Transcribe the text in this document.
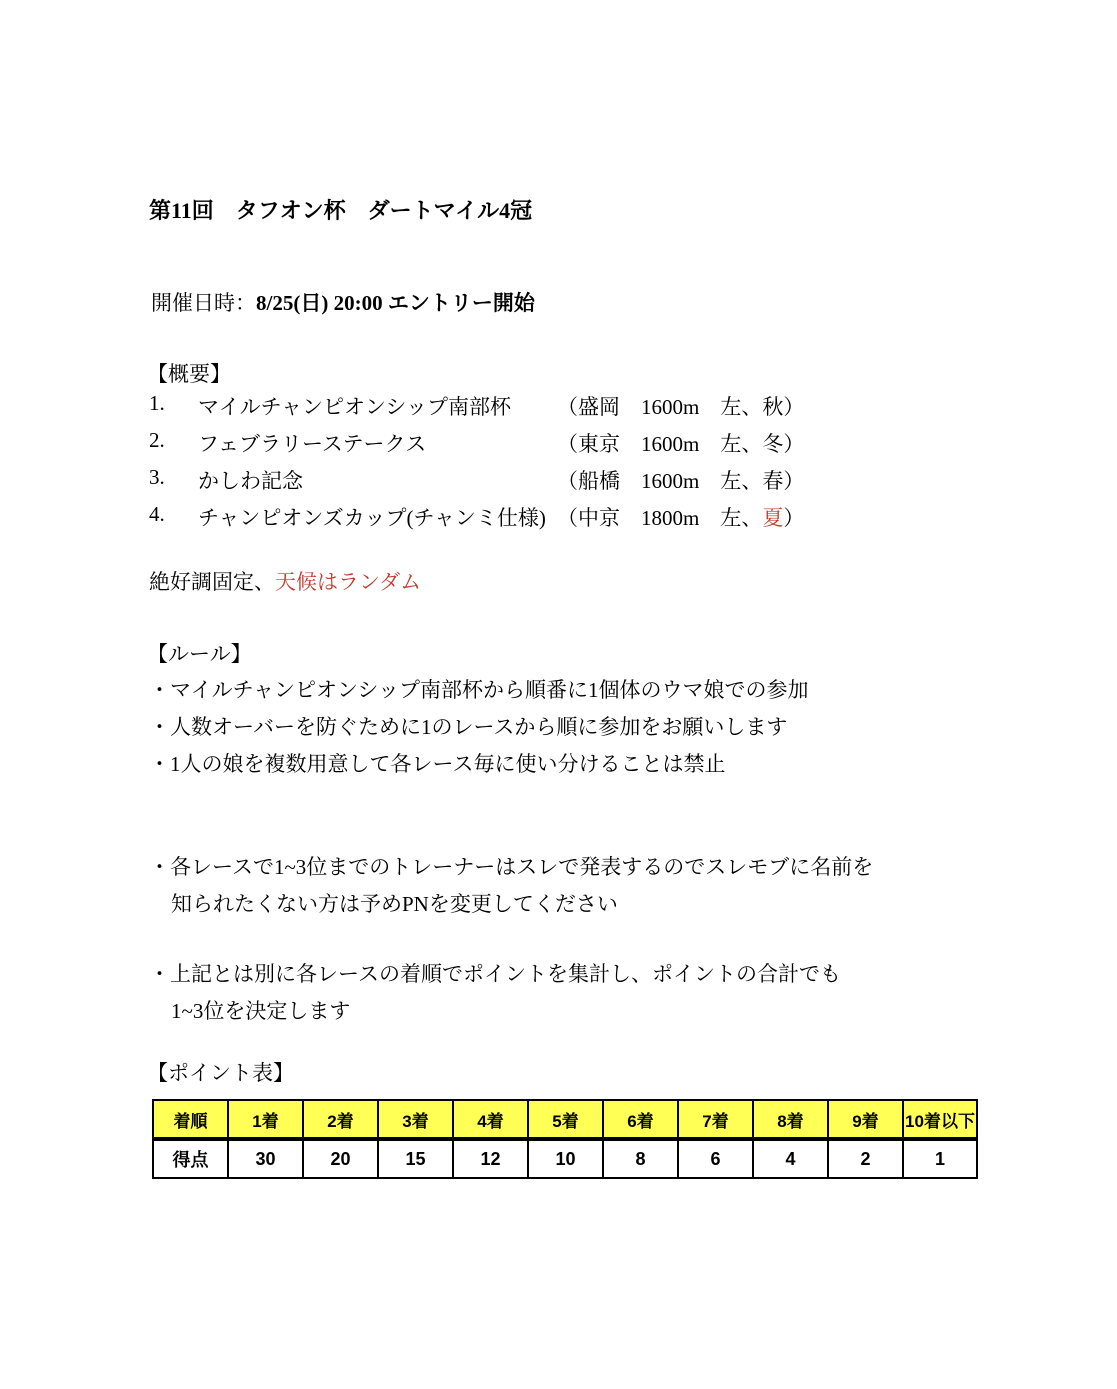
第11回　タフオン杯　ダートマイル4冠
開催日時：8/25(日) 20:00 エントリー開始
【概要】
1.	マイルチャンピオンシップ南部杯	（盛岡　1600m　左、秋）
2.	フェブラリーステークス	（東京　1600m　左、冬）
3.	かしわ記念	（船橋　1600m　左、春）
4.	チャンピオンズカップ(チャンミ仕様) （中京　1800m　左、夏）
絶好調固定、天候はランダム
【ルール】
・マイルチャンピオンシップ南部杯から順番に1個体のウマ娘での参加
・人数オーバーを防ぐために1のレースから順に参加をお願いします
・1人の娘を複数用意して各レース毎に使い分けることは禁止
・各レースで1~3位までのトレーナーはスレで発表するのでスレモブに名前を
知られたくない方は予めPNを変更してください
・上記とは別に各レースの着順でポイントを集計し、ポイントの合計でも
1~3位を決定します
【ポイント表】
着順	1着	2着	3着	4着	5着	6着	7着	8着	9着	10着以下
得点	30	20	15	12	10	8	6	4	2	1
